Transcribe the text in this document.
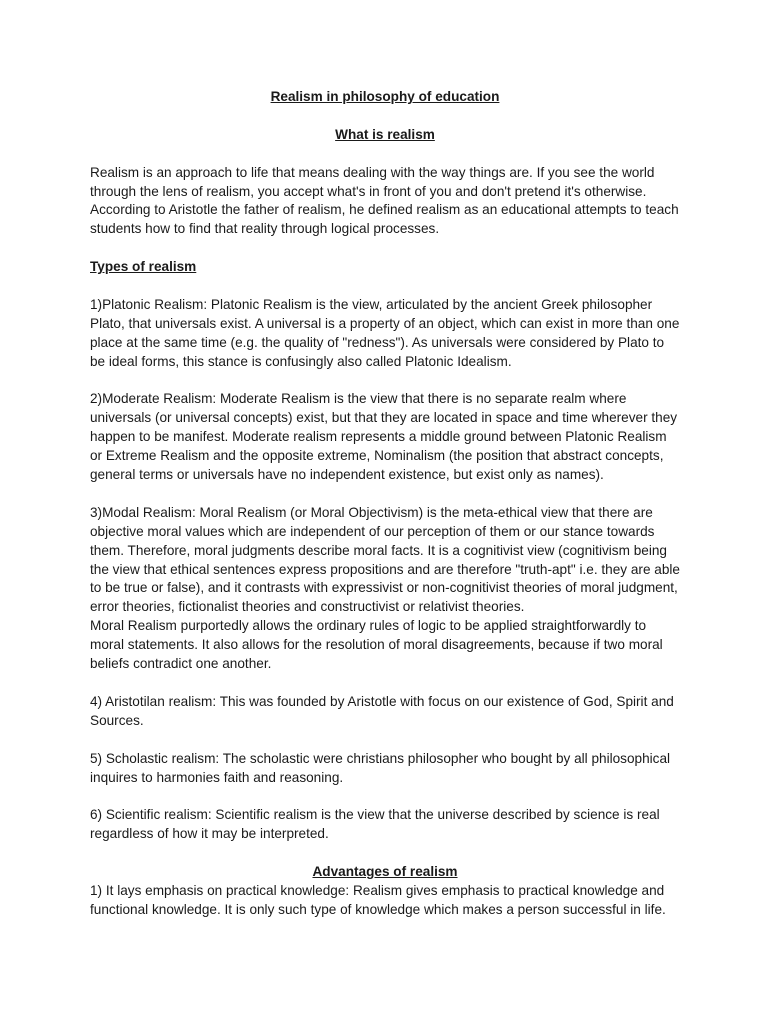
Realism in philosophy of education
What is realism

Realism is an approach to life that means dealing with the way things are. If you see the world through the lens of realism, you accept what's in front of you and don't pretend it's otherwise. According to Aristotle the father of realism, he defined realism as an educational attempts to teach students how to find that reality through logical processes.

Types of realism

1)Platonic Realism: Platonic Realism is the view, articulated by the ancient Greek philosopher Plato, that universals exist. A universal is a property of an object, which can exist in more than one place at the same time (e.g. the quality of "redness"). As universals were considered by Plato to be ideal forms, this stance is confusingly also called Platonic Idealism.

2)Moderate Realism: Moderate Realism is the view that there is no separate realm where universals (or universal concepts) exist, but that they are located in space and time wherever they happen to be manifest. Moderate realism represents a middle ground between Platonic Realism or Extreme Realism and the opposite extreme, Nominalism (the position that abstract concepts, general terms or universals have no independent existence, but exist only as names).

3)Modal Realism: Moral Realism (or Moral Objectivism) is the meta-ethical view that there are objective moral values which are independent of our perception of them or our stance towards them. Therefore, moral judgments describe moral facts. It is a cognitivist view (cognitivism being the view that ethical sentences express propositions and are therefore "truth-apt" i.e. they are able to be true or false), and it contrasts with expressivist or non-cognitivist theories of moral judgment, error theories, fictionalist theories and constructivist or relativist theories.

Moral Realism purportedly allows the ordinary rules of logic to be applied straightforwardly to moral statements. It also allows for the resolution of moral disagreements, because if two moral beliefs contradict one another.

4) Aristotilan realism: This was founded by Aristotle with focus on our existence of God, Spirit and Sources.

5) Scholastic realism: The scholastic were christians philosopher who bought by all philosophical inquires to harmonies faith and reasoning.

6) Scientific realism: Scientific realism is the view that the universe described by science is real regardless of how it may be interpreted.

Advantages of realism

1) It lays emphasis on practical knowledge: Realism gives emphasis to practical knowledge and functional knowledge. It is only such type of knowledge which makes a person successful in life.
